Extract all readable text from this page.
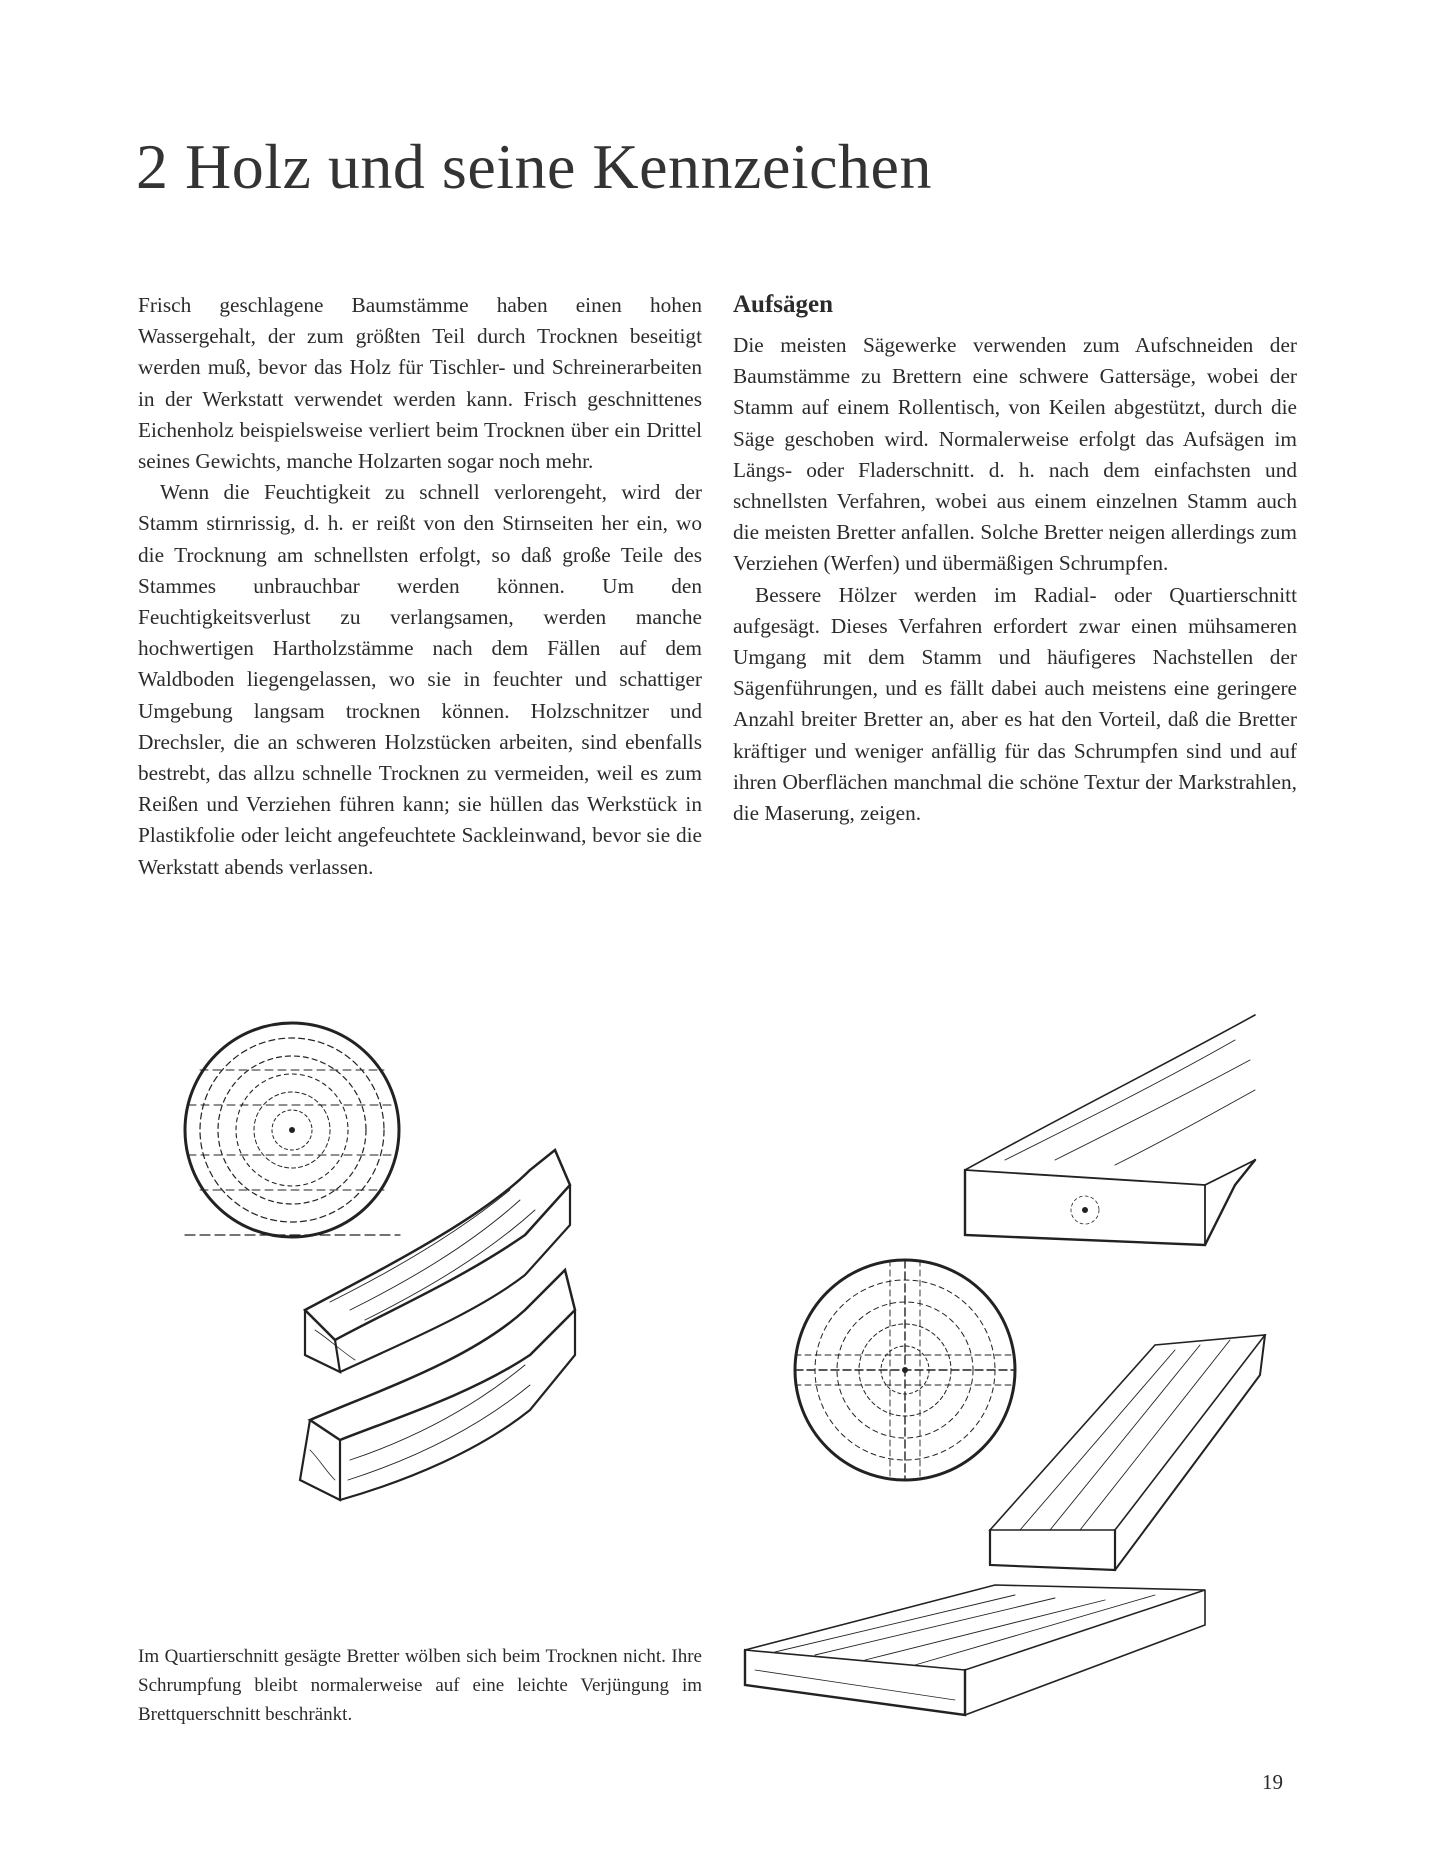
2 Holz und seine Kennzeichen

Frisch geschlagene Baumstämme haben einen hohen Wassergehalt, der zum größten Teil durch Trocknen beseitigt werden muß, bevor das Holz für Tischler- und Schreinerarbeiten in der Werkstatt verwendet werden kann. Frisch geschnittenes Eichenholz beispielsweise verliert beim Trocknen über ein Drittel seines Gewichts, manche Holzarten sogar noch mehr.

Wenn die Feuchtigkeit zu schnell verlorengeht, wird der Stamm stirnrissig, d. h. er reißt von den Stirnseiten her ein, wo die Trocknung am schnellsten erfolgt, so daß große Teile des Stammes unbrauchbar werden können. Um den Feuchtigkeitsverlust zu verlangsamen, werden manche hochwertigen Hartholzstämme nach dem Fällen auf dem Waldboden liegengelassen, wo sie in feuchter und schattiger Umgebung langsam trocknen können. Holzschnitzer und Drechsler, die an schweren Holzstücken arbeiten, sind ebenfalls bestrebt, das allzu schnelle Trocknen zu vermeiden, weil es zum Reißen und Verziehen führen kann; sie hüllen das Werkstück in Plastikfolie oder leicht angefeuchtete Sackleinwand, bevor sie die Werkstatt abends verlassen.

Aufsägen

Die meisten Sägewerke verwenden zum Aufschneiden der Baumstämme zu Brettern eine schwere Gattersäge, wobei der Stamm auf einem Rollentisch, von Keilen abgestützt, durch die Säge geschoben wird. Normalerweise erfolgt das Aufsägen im Längs- oder Fladerschnitt. d. h. nach dem einfachsten und schnellsten Verfahren, wobei aus einem einzelnen Stamm auch die meisten Bretter anfallen. Solche Bretter neigen allerdings zum Verziehen (Werfen) und übermäßigen Schrumpfen.

Bessere Hölzer werden im Radial- oder Quartierschnitt aufgesägt. Dieses Verfahren erfordert zwar einen mühsameren Umgang mit dem Stamm und häufigeres Nachstellen der Sägenführungen, und es fällt dabei auch meistens eine geringere Anzahl breiter Bretter an, aber es hat den Vorteil, daß die Bretter kräftiger und weniger anfällig für das Schrumpfen sind und auf ihren Oberflächen manchmal die schöne Textur der Markstrahlen, die Maserung, zeigen.

Im Quartierschnitt gesägte Bretter wölben sich beim Trocknen nicht. Ihre Schrumpfung bleibt normalerweise auf eine leichte Verjüngung im Brettquerschnitt beschränkt.
19
